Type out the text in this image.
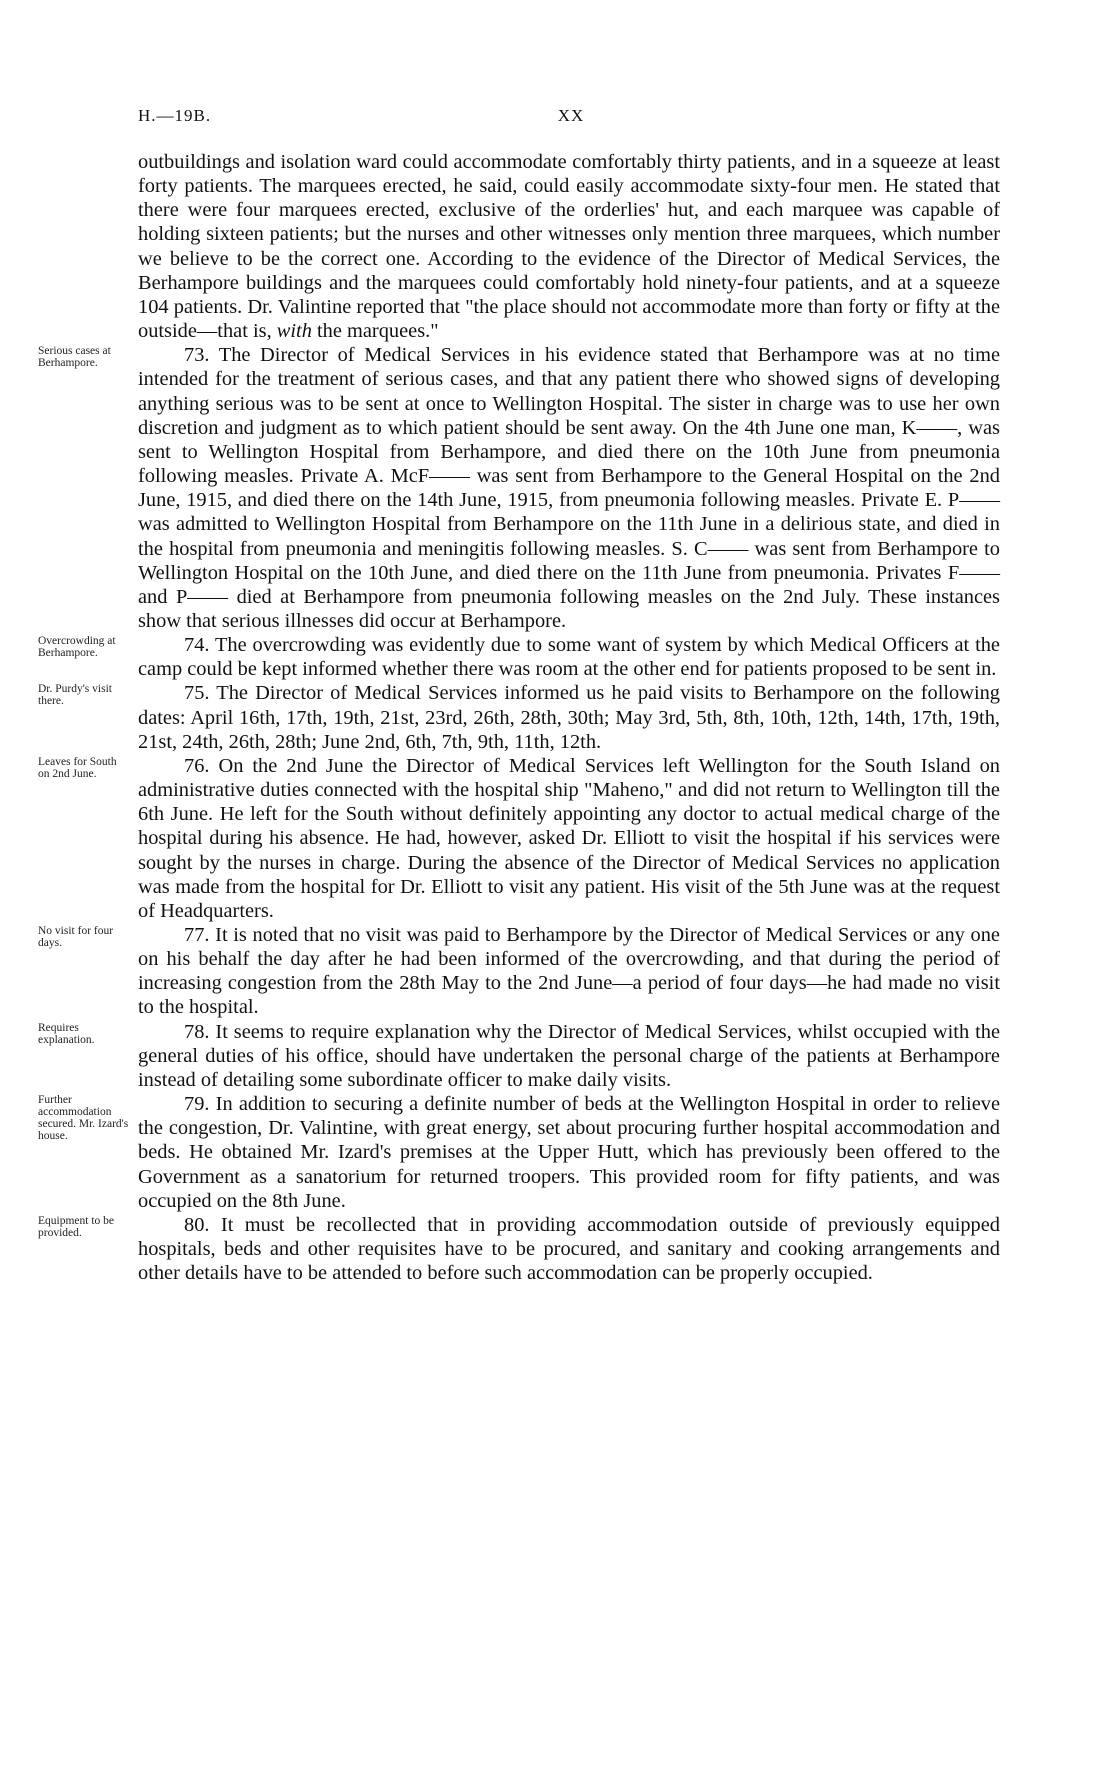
H.—19B.	XX

outbuildings and isolation ward could accommodate comfortably thirty patients, and in a squeeze at least forty patients. The marquees erected, he said, could easily accommodate sixty-four men. He stated that there were four marquees erected, exclusive of the orderlies' hut, and each marquee was capable of holding sixteen patients; but the nurses and other witnesses only mention three marquees, which number we believe to be the correct one. According to the evidence of the Director of Medical Services, the Berhampore buildings and the marquees could comfortably hold ninety-four patients, and at a squeeze 104 patients. Dr. Valintine reported that "the place should not accommodate more than forty or fifty at the outside—that is, with the marquees."

Serious cases at Berhampore.	73. The Director of Medical Services in his evidence stated that Berhampore was at no time intended for the treatment of serious cases, and that any patient there who showed signs of developing anything serious was to be sent at once to Wellington Hospital. The sister in charge was to use her own discretion and judgment as to which patient should be sent away. On the 4th June one man, K——, was sent to Wellington Hospital from Berhampore, and died there on the 10th June from pneumonia following measles. Private A. McF—— was sent from Berhampore to the General Hospital on the 2nd June, 1915, and died there on the 14th June, 1915, from pneumonia following measles. Private E. P—— was admitted to Wellington Hospital from Berhampore on the 11th June in a delirious state, and died in the hospital from pneumonia and meningitis following measles. S. C—— was sent from Berhampore to Wellington Hospital on the 10th June, and died there on the 11th June from pneumonia. Privates F—— and P—— died at Berhampore from pneumonia following measles on the 2nd July. These instances show that serious illnesses did occur at Berhampore.

Overcrowding at Berhampore.	74. The overcrowding was evidently due to some want of system by which Medical Officers at the camp could be kept informed whether there was room at the other end for patients proposed to be sent in.

Dr. Purdy's visit there.	75. The Director of Medical Services informed us he paid visits to Berhampore on the following dates: April 16th, 17th, 19th, 21st, 23rd, 26th, 28th, 30th; May 3rd, 5th, 8th, 10th, 12th, 14th, 17th, 19th, 21st, 24th, 26th, 28th; June 2nd, 6th, 7th, 9th, 11th, 12th.

Leaves for South on 2nd June.	76. On the 2nd June the Director of Medical Services left Wellington for the South Island on administrative duties connected with the hospital ship "Maheno," and did not return to Wellington till the 6th June. He left for the South without definitely appointing any doctor to actual medical charge of the hospital during his absence. He had, however, asked Dr. Elliott to visit the hospital if his services were sought by the nurses in charge. During the absence of the Director of Medical Services no application was made from the hospital for Dr. Elliott to visit any patient. His visit of the 5th June was at the request of Headquarters.

No visit for four days.	77. It is noted that no visit was paid to Berhampore by the Director of Medical Services or any one on his behalf the day after he had been informed of the overcrowding, and that during the period of increasing congestion from the 28th May to the 2nd June—a period of four days—he had made no visit to the hospital.

Requires explanation.	78. It seems to require explanation why the Director of Medical Services, whilst occupied with the general duties of his office, should have undertaken the personal charge of the patients at Berhampore instead of detailing some subordinate officer to make daily visits.

Further accommodation secured. Mr. Izard's house.
79. In addition to securing a definite number of beds at the Wellington Hospital in order to relieve the congestion, Dr. Valintine, with great energy, set about procuring further hospital accommodation and beds. He obtained Mr. Izard's premises at the Upper Hutt, which has previously been offered to the Government as a sanatorium for returned troopers. This provided room for fifty patients, and was occupied on the 8th June.

Equipment to be provided.	80. It must be recollected that in providing accommodation outside of previously equipped hospitals, beds and other requisites have to be procured, and sanitary and cooking arrangements and other details have to be attended to before such accommodation can be properly occupied.
